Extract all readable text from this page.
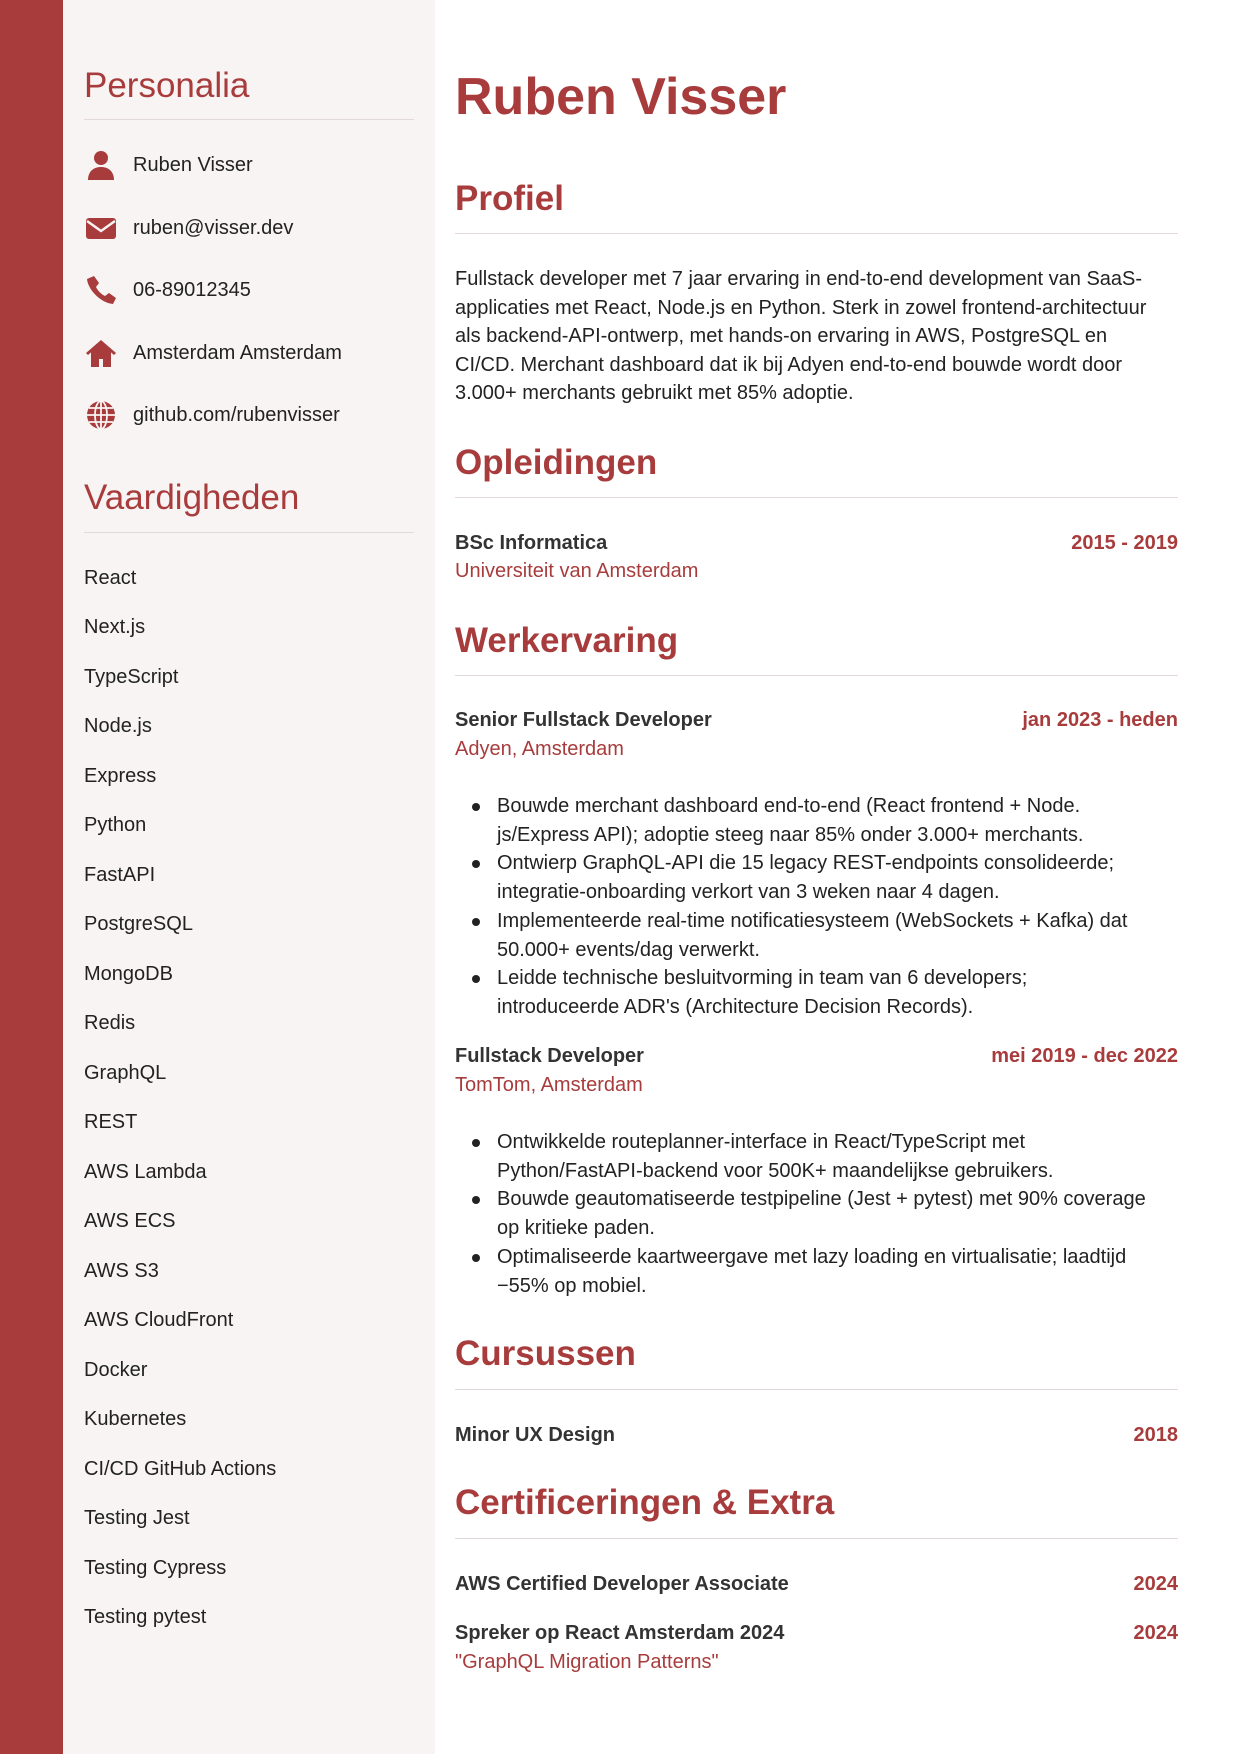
Personalia
Ruben Visser
ruben@visser.dev
06-89012345
Amsterdam Amsterdam
github.com/rubenvisser
Vaardigheden
React
Next.js
TypeScript
Node.js
Express
Python
FastAPI
PostgreSQL
MongoDB
Redis
GraphQL
REST
AWS Lambda
AWS ECS
AWS S3
AWS CloudFront
Docker
Kubernetes
CI/CD GitHub Actions
Testing Jest
Testing Cypress
Testing pytest
Ruben Visser
Profiel
Fullstack developer met 7 jaar ervaring in end-to-end development van SaaS-
applicaties met React, Node.js en Python. Sterk in zowel frontend-architectuur
als backend-API-ontwerp, met hands-on ervaring in AWS, PostgreSQL en
CI/CD. Merchant dashboard dat ik bij Adyen end-to-end bouwde wordt door
3.000+ merchants gebruikt met 85% adoptie.
Opleidingen
BSc Informatica	2015 - 2019
Universiteit van Amsterdam
Werkervaring
Senior Fullstack Developer	jan 2023 - heden
Adyen, Amsterdam
Bouwde merchant dashboard end-to-end (React frontend + Node.
js/Express API); adoptie steeg naar 85% onder 3.000+ merchants.
Ontwierp GraphQL-API die 15 legacy REST-endpoints consolideerde;
integratie-onboarding verkort van 3 weken naar 4 dagen.
Implementeerde real-time notificatiesysteem (WebSockets + Kafka) dat
50.000+ events/dag verwerkt.
Leidde technische besluitvorming in team van 6 developers;
introduceerde ADR's (Architecture Decision Records).
Fullstack Developer	mei 2019 - dec 2022
TomTom, Amsterdam
Ontwikkelde routeplanner-interface in React/TypeScript met
Python/FastAPI-backend voor 500K+ maandelijkse gebruikers.
Bouwde geautomatiseerde testpipeline (Jest + pytest) met 90% coverage
op kritieke paden.
Optimaliseerde kaartweergave met lazy loading en virtualisatie; laadtijd
−55% op mobiel.
Cursussen
Minor UX Design	2018
Certificeringen & Extra
AWS Certified Developer Associate	2024
Spreker op React Amsterdam 2024	2024
"GraphQL Migration Patterns"
